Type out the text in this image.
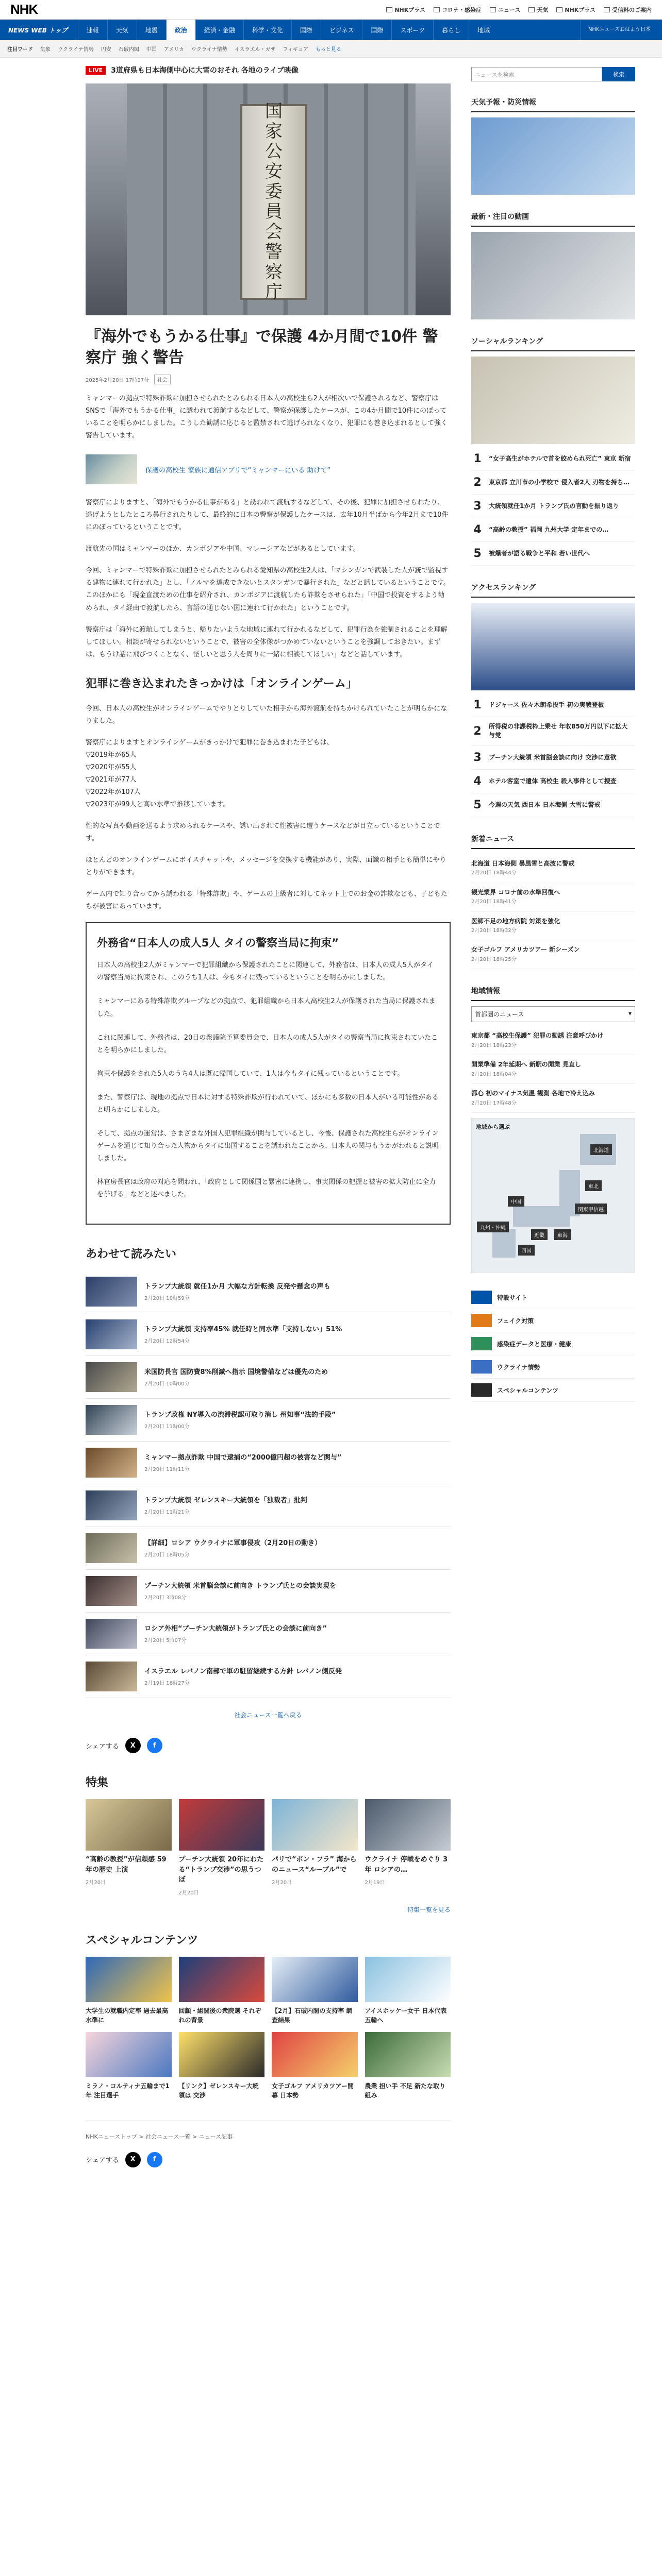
NHK	NHKプラス	コロナ・感染症	ニュース	天気	NHKプラス	受信料のご案内
NEWS WEB トップ	速報	天気	地震	政治	経済・金融	科学・文化	国際	ビジネス	国際	スポーツ	暮らし	地域	NHKニュースおはよう日本
注目ワード 気象 ウクライナ情勢 円安 石破内閣 中国 アメリカ ウクライナ情勢 イスラエル・ガザ フィギュア もっと見る
LIVE	3道府県も日本海側中心に大雪のおそれ 各地のライブ映像
国
家
公
安
委
員
会
警
察
庁
『海外でもうかる仕事』で保護 4か月間で10件 警察庁 強く警告
2025年2月20日 17時27分	社会

ミャンマーの拠点で特殊詐欺に加担させられたとみられる日本人の高校生ら2人が相次いで保護されるなど、警察庁はSNSで「海外でもうかる仕事」に誘われて渡航するなどして、警察が保護したケースが、この4か月間で10件にのぼっていることを明らかにしました。こうした勧誘に応じると監禁されて逃げられなくなり、犯罪にも巻き込まれるとして強く警告しています。

保護の高校生 家族に通信アプリで“ミャンマーにいる 助けて”

警察庁によりますと、「海外でもうかる仕事がある」と誘われて渡航するなどして、その後、犯罪に加担させられたり、逃げようとしたところ暴行されたりして、最終的に日本の警察が保護したケースは、去年10月半ばから今年2月まで10件にのぼっているということです。

渡航先の国はミャンマーのほか、カンボジアや中国、マレーシアなどがあるとしています。

今回、ミャンマーで特殊詐欺に加担させられたとみられる愛知県の高校生2人は、「マシンガンで武装した人が銃で監視する建物に連れて行かれた」とし、「ノルマを達成できないとスタンガンで暴行された」などと話しているということです。このほかにも「現金直渡ための仕事を紹介され、カンボジアに渡航したら詐欺をさせられた」「中国で投資をするよう勧められ、タイ経由で渡航したら、言語の通じない国に連れて行かれた」ということです。

警察庁は「海外に渡航してしまうと、帰りたいような地域に連れて行かれるなどして、犯罪行為を強制されることを理解してほしい。相談が寄せられないということで、被害の全体像がつかめていないということを強調しておきたい。まずは、もうけ話に飛びつくことなく、怪しいと思う人を周りに一緒に相談してほしい」などと話しています。

犯罪に巻き込まれたきっかけは「オンラインゲーム」

今回、日本人の高校生がオンラインゲームでやりとりしていた相手から海外渡航を持ちかけられていたことが明らかになりました。

警察庁によりますとオンラインゲームがきっかけで犯罪に巻き込まれた子どもは、
▽2019年が65人
▽2020年が55人
▽2021年が77人
▽2022年が107人
▽2023年が99人と高い水準で推移しています。

性的な写真や動画を送るよう求められるケースや、誘い出されて性被害に遭うケースなどが目立っているということです。

ほとんどのオンラインゲームにボイスチャットや、メッセージを交換する機能があり、実際、面識の相手とも簡単にやりとりができます。

ゲーム内で知り合ってから誘われる「特殊詐欺」や、ゲームの上級者に対してネット上でのお金の詐欺なども、子どもたちが被害にあっています。

外務省“日本人の成人5人 タイの警察当局に拘束”

日本人の高校生2人がミャンマーで犯罪組織から保護されたことに関連して、外務省は、日本人の成人5人がタイの警察当局に拘束され、このうち1人は、今もタイに残っているということを明らかにしました。

ミャンマーにある特殊詐欺グループなどの拠点で、犯罪組織から日本人高校生2人が保護された当局に保護されました。

これに関連して、外務省は、20日の衆議院予算委員会で、日本人の成人5人がタイの警察当局に拘束されていたことを明らかにしました。

拘束や保護をされた5人のうち4人は既に帰国していて、1人は今もタイに残っているということです。

また、警察庁は、現地の拠点で日本に対する特殊詐欺が行われていて、ほかにも多数の日本人がいる可能性があると明らかにしました。

そして、拠点の運営は、さまざまな外国人犯罪組織が関与しているとし、今後、保護された高校生らがオンラインゲームを通じて知り合った人物からタイに出国することを誘われたことから、日本人の関与もうかがわれると説明しました。

林官房長官は政府の対応を問われ、「政府として関係国と緊密に連携し、事実関係の把握と被害の拡大防止に全力を挙げる」などと述べました。

あわせて読みたい
トランプ大統領 就任1か月 大幅な方針転換 反発や懸念の声も
2月20日 10時59分
トランプ大統領 支持率45% 就任時と同水準「支持しない」51%
2月20日 12時54分
米国防長官 国防費8%削減へ指示 国境警備などは優先のため
2月20日 10時00分
トランプ政権 NY導入の渋滞税認可取り消し 州知事“法的手段”
2月20日 11時00分
ミャンマー拠点詐欺 中国で逮捕の“2000億円超の被害など関与”
2月20日 11時11分
トランプ大統領 ゼレンスキー大統領を「独裁者」批判
2月20日 11時21分
【詳細】ロシア ウクライナに軍事侵攻（2月20日の動き）
2月20日 18時05分
プーチン大統領 米首脳会談に前向き トランプ氏との会談実現を
2月20日 3時08分
ロシア外相“プーチン大統領がトランプ氏との会談に前向き”
2月20日 5時07分
イスラエル レバノン南部で軍の駐留継続する方針 レバノン側反発
2月19日 16時27分
社会ニュース一覧へ戻る
シェアする	X	f
特集
“高齢の教授”が信頼感 59年の歴史 上演
2月20日
プーチン大統領 20年にわたる“トランプ交渉”の思うつぼ
2月20日
パリで“ポン・フラ” 海からのニュース“ルーブル”で
2月20日
ウクライナ 停戦をめぐり 3年 ロシアの…
2月19日
特集一覧を見る
スペシャルコンテンツ
大学生の就職内定率 過去最高水準に
回顧・組閣後の衆院選 それぞれの背景
【2月】石破内閣の支持率 調査結果
アイスホッケー女子 日本代表 五輪へ
ミラノ・コルティナ五輪まで1年 注目選手
【リンク】ゼレンスキー大統領は 交渉
女子ゴルフ アメリカツアー開幕 日本勢
農業 担い手 不足 新たな取り組み
NHKニューストップ > 社会ニュース一覧 > ニュース記事
シェアする	X	f
ニュースを検索	検索
天気予報・防災情報
最新・注目の動画
ソーシャルランキング
1	“女子高生がホテルで首を絞められ死亡” 東京 新宿
2	東京都 立川市の小学校で 侵入者2人 刃物を持ち…
3	大統領就任1か月 トランプ氏の言動を振り返り
4	“高齢の教授” 福岡 九州大学 定年までの…
5	被爆者が語る戦争と平和 若い世代へ
アクセスランキング
1	ドジャース 佐々木朗希投手 初の実戦登板
2	所得税の非課税枠上乗せ 年収850万円以下に拡大 与党
3	ブーチン大統領 米首脳会談に向け 交渉に意欲
4	ホテル客室で遺体 高校生 殺人事件として捜査
5	今週の天気 西日本 日本海側 大雪に警戒
新着ニュース
北海道 日本海側 暴風雪と高波に警戒
2月20日 18時44分
観光業界 コロナ前の水準回復へ
2月20日 18時41分
医師不足の地方病院 対策を強化
2月20日 18時32分
女子ゴルフ アメリカツアー 新シーズン
2月20日 18時25分
地域情報
首都圏のニュース	▾
東京都 “高校生保護” 犯罪の勧誘 注意呼びかけ
2月20日 18時23分
開業準備 2年延期へ 新駅の開業 見直し
2月20日 18時04分
都心 初のマイナス気温 観測 各地で冷え込み
2月20日 17時48分
地域から選ぶ
北海道
東北
関東甲信越
東海
中国
近畿
四国
九州・沖縄
特設サイト
フェイク対策
感染症データと医療・健康
ウクライナ情勢
スペシャルコンテンツ
